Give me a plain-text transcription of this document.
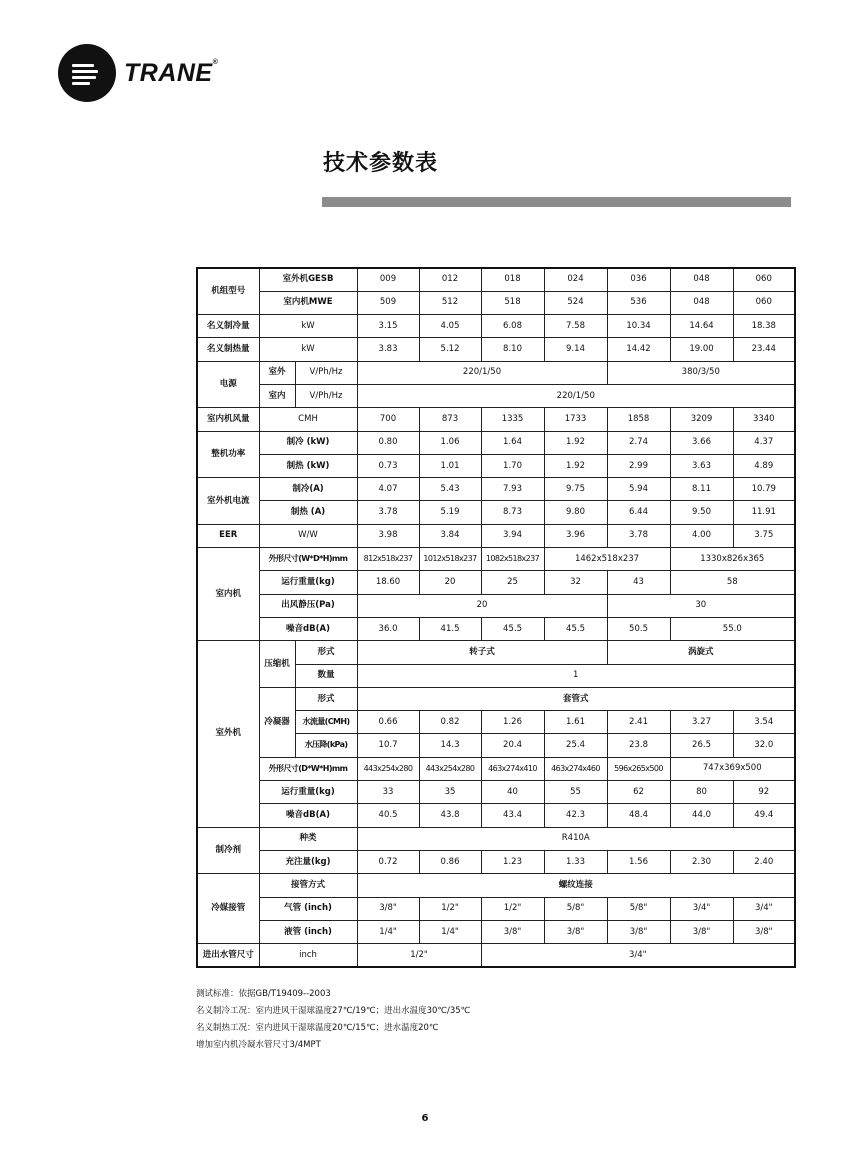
TRANE®
技术参数表
机组型号	室外机GESB		009	012	018	024	036	048	060
	室内机MWE		509	512	518	524	536	048	060
名义制冷量	kW		3.15	4.05	6.08	7.58	10.34	14.64	18.38
名义制热量	kW		3.83	5.12	8.10	9.14	14.42	19.00	23.44
电源	室外	V/Ph/Hz	220/1/50				380/3/50		
	室内	V/Ph/Hz	220/1/50						
室内机风量	CMH		700	873	1335	1733	1858	3209	3340
整机功率	制冷 (kW)		0.80	1.06	1.64	1.92	2.74	3.66	4.37
	制热 (kW)		0.73	1.01	1.70	1.92	2.99	3.63	4.89
室外机电流	制冷(A)		4.07	5.43	7.93	9.75	5.94	8.11	10.79
	制热 (A)		3.78	5.19	8.73	9.80	6.44	9.50	11.91
EER	W/W		3.98	3.84	3.94	3.96	3.78	4.00	3.75
室内机	外形尺寸(W*D*H)mm		812x518x237	1012x518x237	1082x518x237	1462x518x237		1330x826x365	
	运行重量(kg)		18.60	20	25	32	43	58	
	出风静压(Pa)		20				30		
	噪音dB(A)		36.0	41.5	45.5	45.5	50.5	55.0	
室外机	压缩机	形式	转子式				涡旋式		
		数量	1						
	冷凝器	形式	套管式						
		水流量(CMH)	0.66	0.82	1.26	1.61	2.41	3.27	3.54
		水压降(kPa)	10.7	14.3	20.4	25.4	23.8	26.5	32.0
	外形尺寸(D*W*H)mm		443x254x280	443x254x280	463x274x410	463x274x460	596x265x500	747x369x500	
	运行重量(kg)		33	35	40	55	62	80	92
	噪音dB(A)		40.5	43.8	43.4	42.3	48.4	44.0	49.4
制冷剂	种类		R410A						
	充注量(kg)		0.72	0.86	1.23	1.33	1.56	2.30	2.40
冷媒接管	接管方式		螺纹连接						
	气管 (inch)		3/8"	1/2"	1/2"	5/8"	5/8"	3/4"	3/4"
	液管 (inch)		1/4"	1/4"	3/8"	3/8"	3/8"	3/8"	3/8"
进出水管尺寸	inch		1/2"		3/4"				
测试标准：依据GB/T19409--2003
名义制冷工况：室内进风干湿球温度27℃/19℃；进出水温度30℃/35℃
名义制热工况：室内进风干湿球温度20℃/15℃；进水温度20℃
增加室内机冷凝水管尺寸3/4MPT
6
